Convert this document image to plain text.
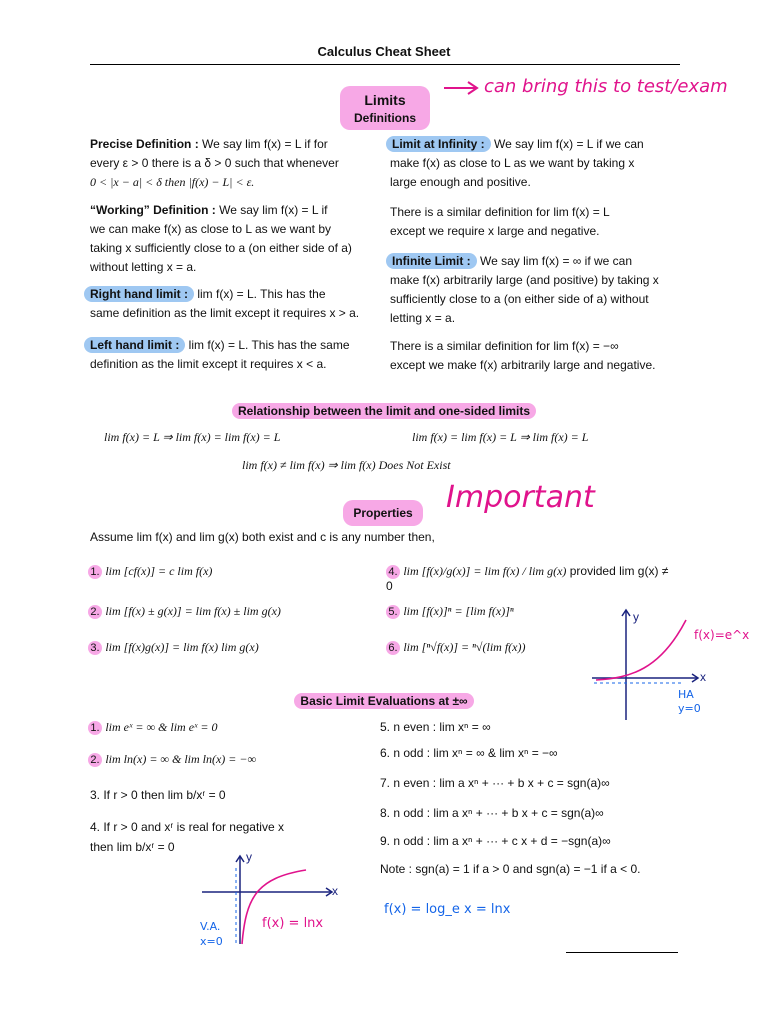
Calculus Cheat Sheet
can bring this to test/exam
Limits
Definitions
Precise Definition : We say lim f(x) = L if for
every ε > 0 there is a δ > 0 such that whenever
0 < |x − a| < δ then |f(x) − L| < ε.
“Working” Definition : We say lim f(x) = L if
we can make f(x) as close to L as we want by
taking x sufficiently close to a (on either side of a)
without letting x = a.
Right hand limit : lim f(x) = L. This has the
same definition as the limit except it requires x > a.
Left hand limit : lim f(x) = L. This has the same
definition as the limit except it requires x < a.
Limit at Infinity : We say lim f(x) = L if we can
make f(x) as close to L as we want by taking x
large enough and positive.
There is a similar definition for lim f(x) = L
except we require x large and negative.
Infinite Limit : We say lim f(x) = ∞ if we can
make f(x) arbitrarily large (and positive) by taking x
sufficiently close to a (on either side of a) without
letting x = a.
There is a similar definition for lim f(x) = −∞
except we make f(x) arbitrarily large and negative.
Relationship between the limit and one-sided limits
lim f(x) = L ⇒ lim f(x) = lim f(x) = L	lim f(x) = lim f(x) = L ⇒ lim f(x) = L
lim f(x) ≠ lim f(x) ⇒ lim f(x) Does Not Exist
Properties	Important
Assume lim f(x) and lim g(x) both exist and c is any number then,
1. lim [cf(x)] = c lim f(x)
2. lim [f(x) ± g(x)] = lim f(x) ± lim g(x)
3. lim [f(x)g(x)] = lim f(x) lim g(x)
4. lim [f(x)/g(x)] = lim f(x) / lim g(x) provided lim g(x) ≠ 0
5. lim [f(x)]ⁿ = [lim f(x)]ⁿ
6. lim [ⁿ√f(x)] = ⁿ√(lim f(x))
y
x
f(x)=e^x
HA
y=0
Basic Limit Evaluations at ±∞
1. lim eˣ = ∞ & lim eˣ = 0
2. lim ln(x) = ∞ & lim ln(x) = −∞
3. If r > 0 then lim b/xʳ = 0
4. If r > 0 and xʳ is real for negative x
then lim b/xʳ = 0
5. n even : lim xⁿ = ∞
6. n odd : lim xⁿ = ∞ & lim xⁿ = −∞
7. n even : lim a xⁿ + ··· + b x + c = sgn(a)∞
8. n odd : lim a xⁿ + ··· + b x + c = sgn(a)∞
9. n odd : lim a xⁿ + ··· + c x + d = −sgn(a)∞
Note : sgn(a) = 1 if a > 0 and sgn(a) = −1 if a < 0.
y
x
V.A.
x=0
f(x) = lnx
f(x) = log_e x = lnx
